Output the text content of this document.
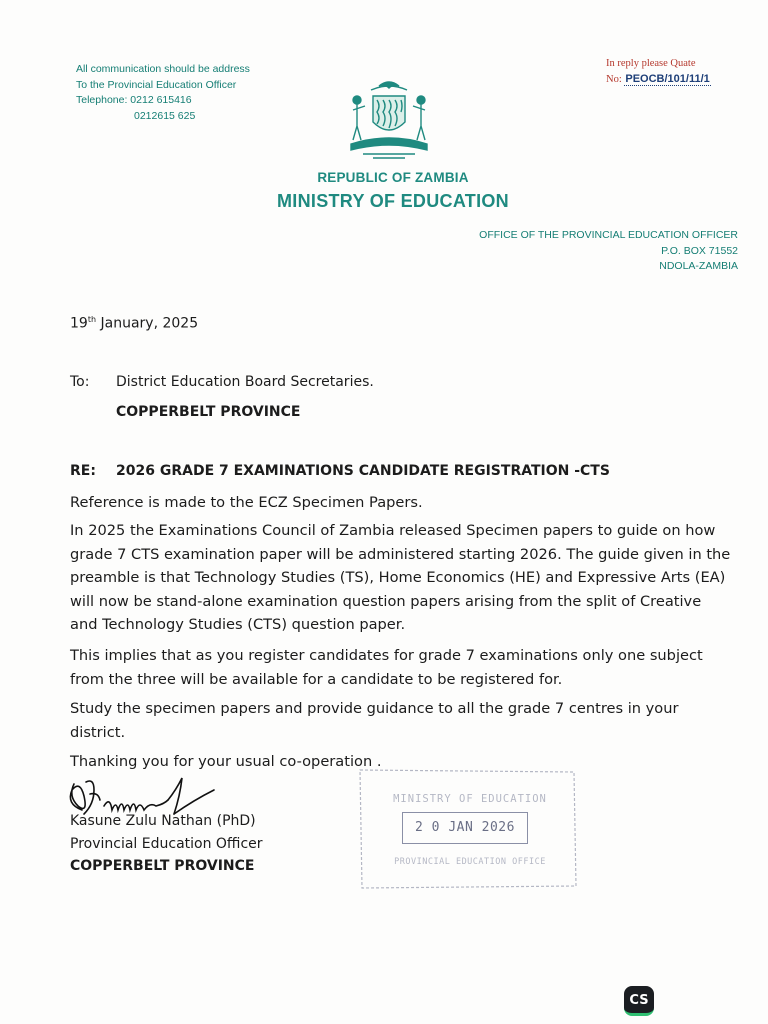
All communication should be address
To the Provincial Education Officer
Telephone: 0212 615416
0212615 625
In reply please Quate
No: PEOCB/101/11/1
REPUBLIC OF ZAMBIA
MINISTRY OF EDUCATION
OFFICE OF THE PROVINCIAL EDUCATION OFFICER
P.O. BOX 71552
NDOLA-ZAMBIA
19th January, 2025
To:	District Education Board Secretaries.
COPPERBELT PROVINCE
RE:	2026 GRADE 7 EXAMINATIONS CANDIDATE REGISTRATION -CTS
Reference is made to the ECZ Specimen Papers.
In 2025 the Examinations Council of Zambia released Specimen papers to guide on how grade 7 CTS examination paper will be administered starting 2026. The guide given in the preamble is that Technology Studies (TS), Home Economics (HE) and Expressive Arts (EA) will now be stand-alone examination question papers arising from the split of Creative and Technology Studies (CTS) question paper.
This implies that as you register candidates for grade 7 examinations only one subject from the three will be available for a candidate to be registered for.
Study the specimen papers and provide guidance to all the grade 7 centres in your district.
Thanking you for your usual co-operation .
Kasune Zulu Nathan (PhD)
Provincial Education Officer
COPPERBELT PROVINCE
MINISTRY OF EDUCATION
PROVINCIAL EDUCATION OFFICE
2 0 JAN 2026
CS
